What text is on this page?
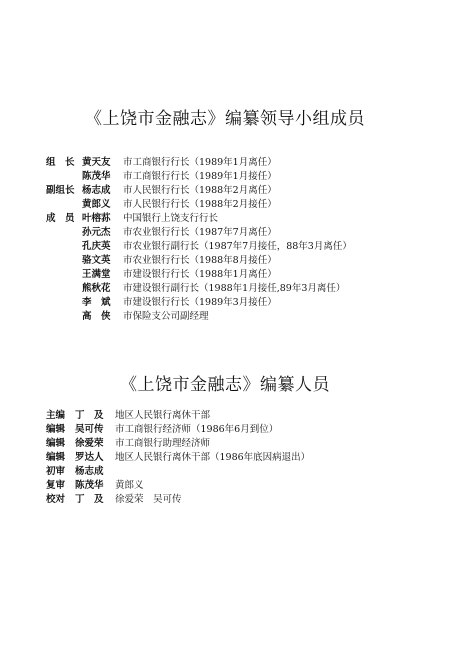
《上饶市金融志》编纂领导小组成员
组　长 黄天友	市工商银行行长（1989年1月离任）
陈茂华	市工商银行行长（1989年1月接任）
副组长 杨志成	市人民银行行长（1988年2月离任）
黄郎义	市人民银行行长（1988年2月接任）
成　员 叶榕荪	中国银行上饶支行行长
孙元杰	市农业银行行长（1987年7月离任）
孔庆英	市农业银行副行长（1987年7月接任，88年3月离任）
骆文英	市农业银行行长（1988年8月接任）
王满堂	市建设银行行长（1988年1月离任）
熊秋花	市建设银行副行长（1988年1月接任,89年3月离任）
李　斌	市建设银行行长（1989年3月接任）
高　侠	市保险支公司副经理
《上饶市金融志》编纂人员
主编	丁　及	地区人民银行离休干部
编辑	吴可传	市工商银行经济师（1986年6月到位）
编辑	徐爱荣	市工商银行助理经济师
编辑	罗达人	地区人民银行离休干部（1986年底因病退出）
初审	杨志成
复审	陈茂华	黄郎义
校对	丁　及	徐爱荣　吴可传
